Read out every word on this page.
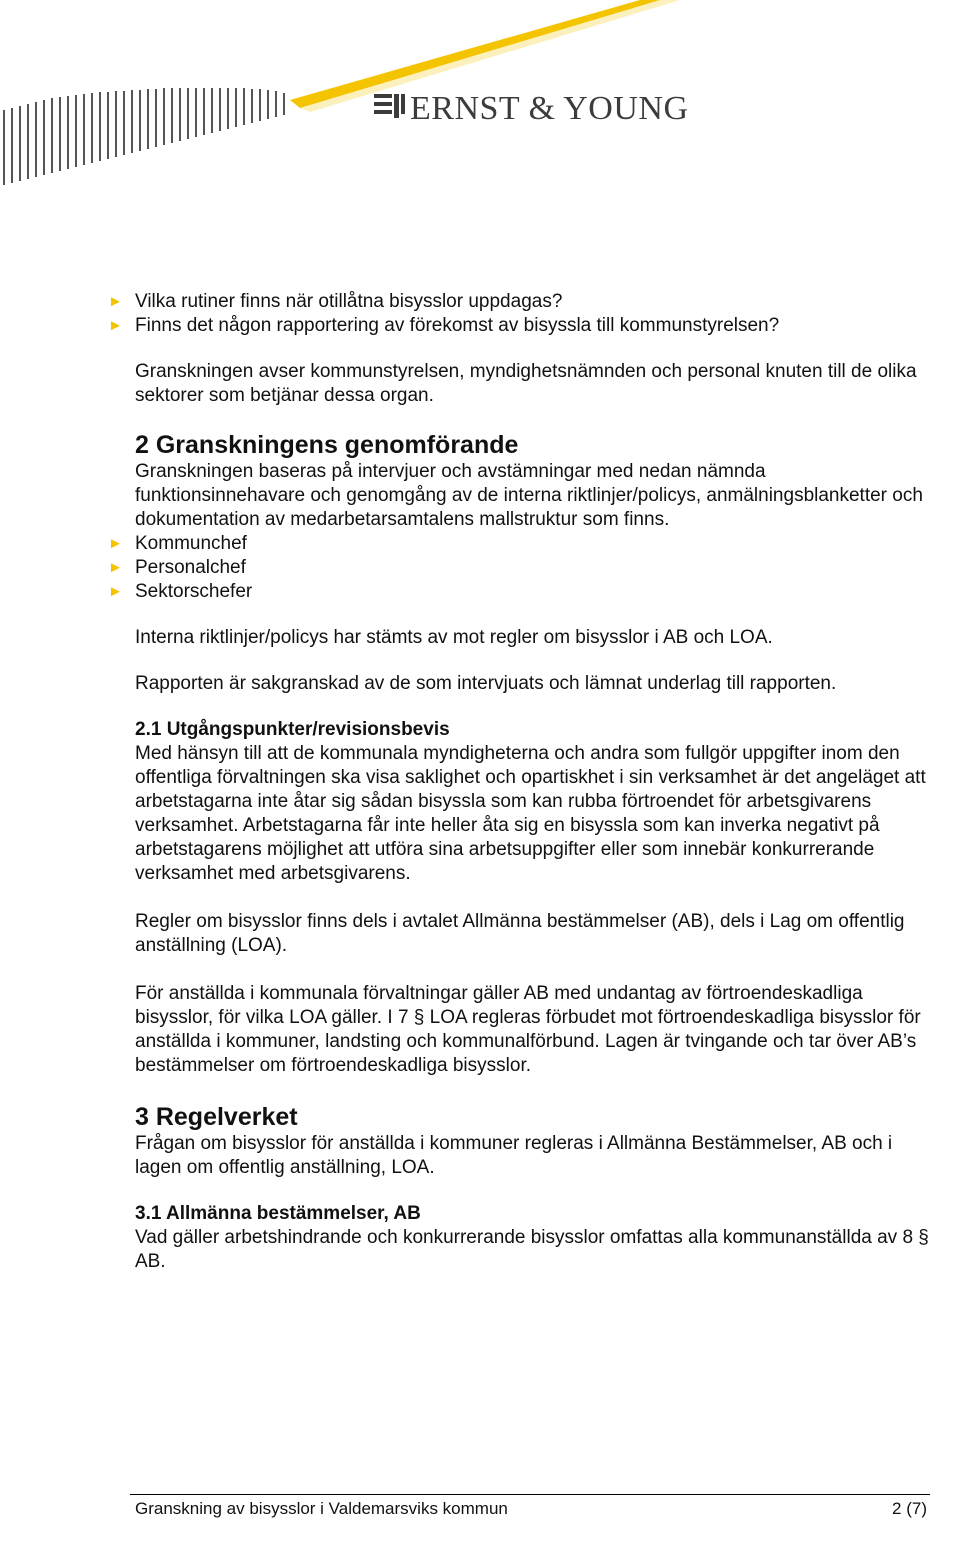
ERNST & YOUNG
► Vilka rutiner finns när otillåtna bisysslor uppdagas?
► Finns det någon rapportering av förekomst av bisyssla till kommunstyrelsen?

Granskningen avser kommunstyrelsen, myndighetsnämnden och personal knuten till de olika sektorer som betjänar dessa organ.

2 Granskningens genomförande

Granskningen baseras på intervjuer och avstämningar med nedan nämnda funktionsinnehavare och genomgång av de interna riktlinjer/policys, anmälningsblanketter och dokumentation av medarbetarsamtalens mallstruktur som finns.

► Kommunchef
► Personalchef
► Sektorschefer

Interna riktlinjer/policys har stämts av mot regler om bisysslor i AB och LOA.

Rapporten är sakgranskad av de som intervjuats och lämnat underlag till rapporten.

2.1 Utgångspunkter/revisionsbevis

Med hänsyn till att de kommunala myndigheterna och andra som fullgör uppgifter inom den offentliga förvaltningen ska visa saklighet och opartiskhet i sin verksamhet är det angeläget att arbetstagarna inte åtar sig sådan bisyssla som kan rubba förtroendet för arbetsgivarens verksamhet. Arbetstagarna får inte heller åta sig en bisyssla som kan inverka negativt på arbetstagarens möjlighet att utföra sina arbetsuppgifter eller som innebär konkurrerande verksamhet med arbetsgivarens.

Regler om bisysslor finns dels i avtalet Allmänna bestämmelser (AB), dels i Lag om offentlig anställning (LOA).

För anställda i kommunala förvaltningar gäller AB med undantag av förtroendeskadliga bisysslor, för vilka LOA gäller. I 7 § LOA regleras förbudet mot förtroendeskadliga bisysslor för anställda i kommuner, landsting och kommunalförbund. Lagen är tvingande och tar över AB’s bestämmelser om förtroendeskadliga bisysslor.

3 Regelverket

Frågan om bisysslor för anställda i kommuner regleras i Allmänna Bestämmelser, AB och i lagen om offentlig anställning, LOA.

3.1 Allmänna bestämmelser, AB

Vad gäller arbetshindrande och konkurrerande bisysslor omfattas alla kommunanställda av 8 § AB.

Granskning av bisysslor i Valdemarsviks kommun	2 (7)
